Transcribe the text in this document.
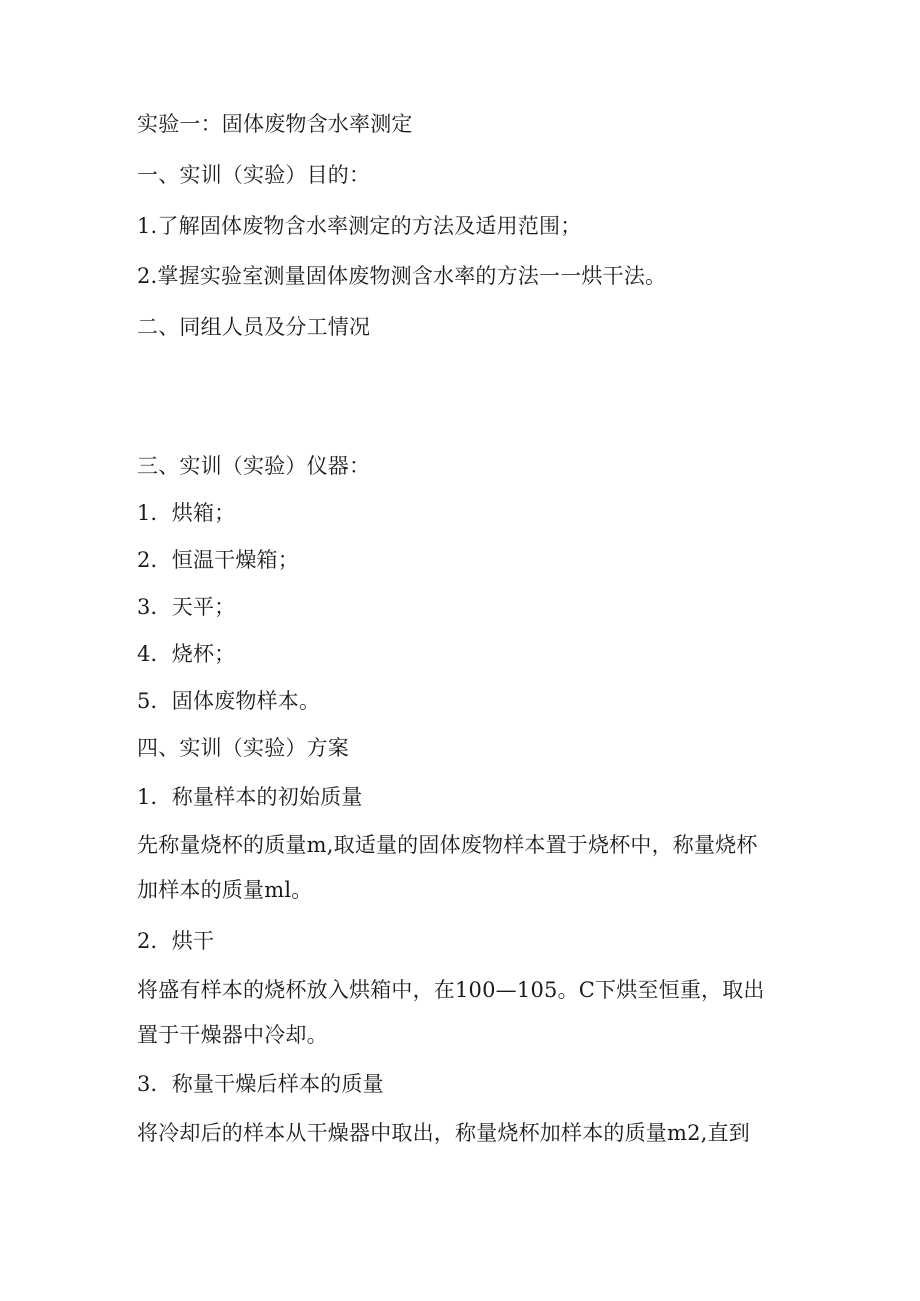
实验一：固体废物含水率测定
一、实训（实验）目的：
1.了解固体废物含水率测定的方法及适用范围；
2.掌握实验室测量固体废物测含水率的方法一一烘干法。
二、同组人员及分工情况
三、实训（实验）仪器：
1．烘箱；
2．恒温干燥箱；
3．天平；
4．烧杯；
5．固体废物样本。
四、实训（实验）方案
1．称量样本的初始质量
先称量烧杯的质量m,取适量的固体废物样本置于烧杯中，称量烧杯
加样本的质量ml。
2．烘干
将盛有样本的烧杯放入烘箱中，在100—105。C下烘至恒重，取出
置于干燥器中冷却。
3．称量干燥后样本的质量
将冷却后的样本从干燥器中取出，称量烧杯加样本的质量m2,直到
